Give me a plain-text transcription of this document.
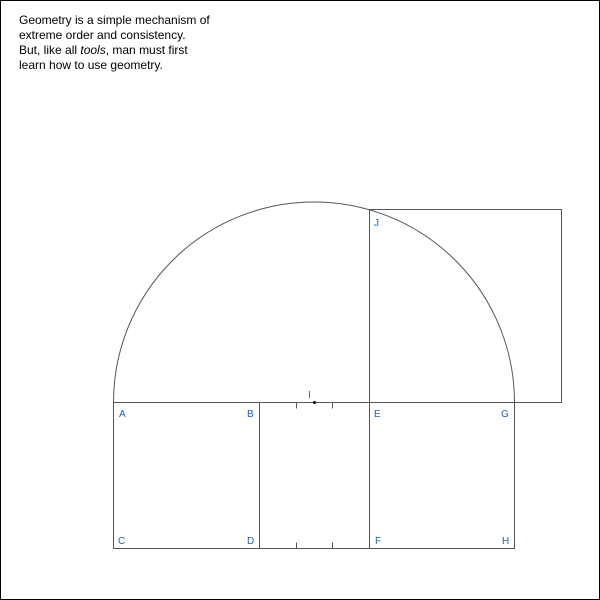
Geometry is a simple mechanism of
extreme order and consistency.
But, like all tools, man must first
learn how to use geometry.
A	B
C	D
E
F
G
H
I
J
